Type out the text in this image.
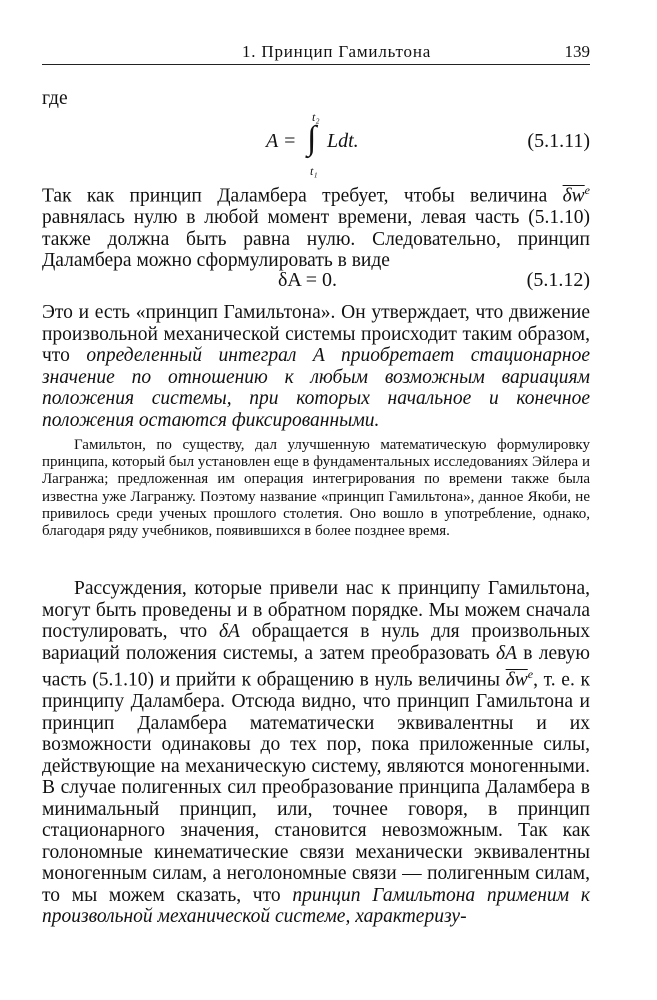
1. Принцип Гамильтона	139
где
A = ∫
t₂
t₁
Ldt.	(5.1.11)

Так как принцип Даламбера требует, чтобы величина $\overline{\delta w}^e$ равнялась нулю в любой момент времени, левая часть (5.1.10) также должна быть равна нулю. Следовательно, принцип Даламбера можно сформулировать в виде

δA = 0.	(5.1.12)

Это и есть «принцип Гамильтона». Он утверждает, что движение произвольной механической системы происходит таким образом, что определенный интеграл A приобретает стационарное значение по отношению к любым возможным вариациям положения системы, при которых начальное и конечное положения остаются фиксированными.

Гамильтон, по существу, дал улучшенную математическую формулировку принципа, который был установлен еще в фундаментальных исследованиях Эйлера и Лагранжа; предложенная им операция интегрирования по времени также была известна уже Лагранжу. Поэтому название «принцип Гамильтона», данное Якоби, не привилось среди ученых прошлого столетия. Оно вошло в употребление, однако, благодаря ряду учебников, появившихся в более позднее время.

Рассуждения, которые привели нас к принципу Гамильтона, могут быть проведены и в обратном порядке. Мы можем сначала постулировать, что δA обращается в нуль для произвольных вариаций положения системы, а затем преобразовать δA в левую часть (5.1.10) и прийти к обращению в нуль величины $\overline{\delta w}^e$, т. е. к принципу Даламбера. Отсюда видно, что принцип Гамильтона и принцип Даламбера математически эквивалентны и их возможности одинаковы до тех пор, пока приложенные силы, действующие на механическую систему, являются моногенными. В случае полигенных сил преобразование принципа Даламбера в минимальный принцип, или, точнее говоря, в принцип стационарного значения, становится невозможным. Так как голономные кинематические связи механически эквивалентны моногенным силам, а неголономные связи — полигенным силам, то мы можем сказать, что принцип Гамильтона применим к произвольной механической системе, характеризу-
